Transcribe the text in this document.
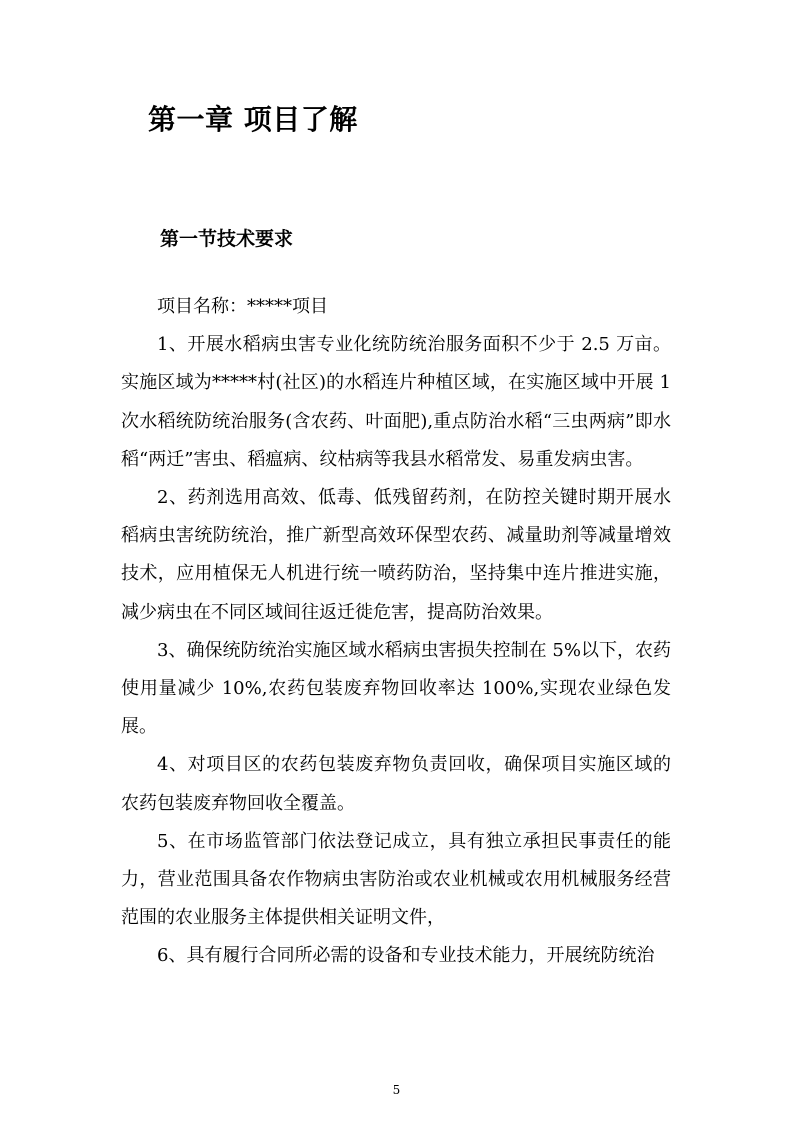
第一章 项目了解
第一节技术要求

项目名称：*****项目

1、开展水稻病虫害专业化统防统治服务面积不少于 2.5 万亩。实施区域为*****村(社区)的水稻连片种植区域，在实施区域中开展 1 次水稻统防统治服务(含农药、叶面肥),重点防治水稻“三虫两病”即水稻“两迁”害虫、稻瘟病、纹枯病等我县水稻常发、易重发病虫害。

2、药剂选用高效、低毒、低残留药剂，在防控关键时期开展水稻病虫害统防统治，推广新型高效环保型农药、减量助剂等减量增效技术，应用植保无人机进行统一喷药防治，坚持集中连片推进实施，减少病虫在不同区域间往返迁徙危害，提高防治效果。

3、确保统防统治实施区域水稻病虫害损失控制在 5%以下，农药使用量减少 10%,农药包装废弃物回收率达 100%,实现农业绿色发展。

4、对项目区的农药包装废弃物负责回收，确保项目实施区域的农药包装废弃物回收全覆盖。

5、在市场监管部门依法登记成立，具有独立承担民事责任的能力，营业范围具备农作物病虫害防治或农业机械或农用机械服务经营范围的农业服务主体提供相关证明文件，

6、具有履行合同所必需的设备和专业技术能力，开展统防统治

5
